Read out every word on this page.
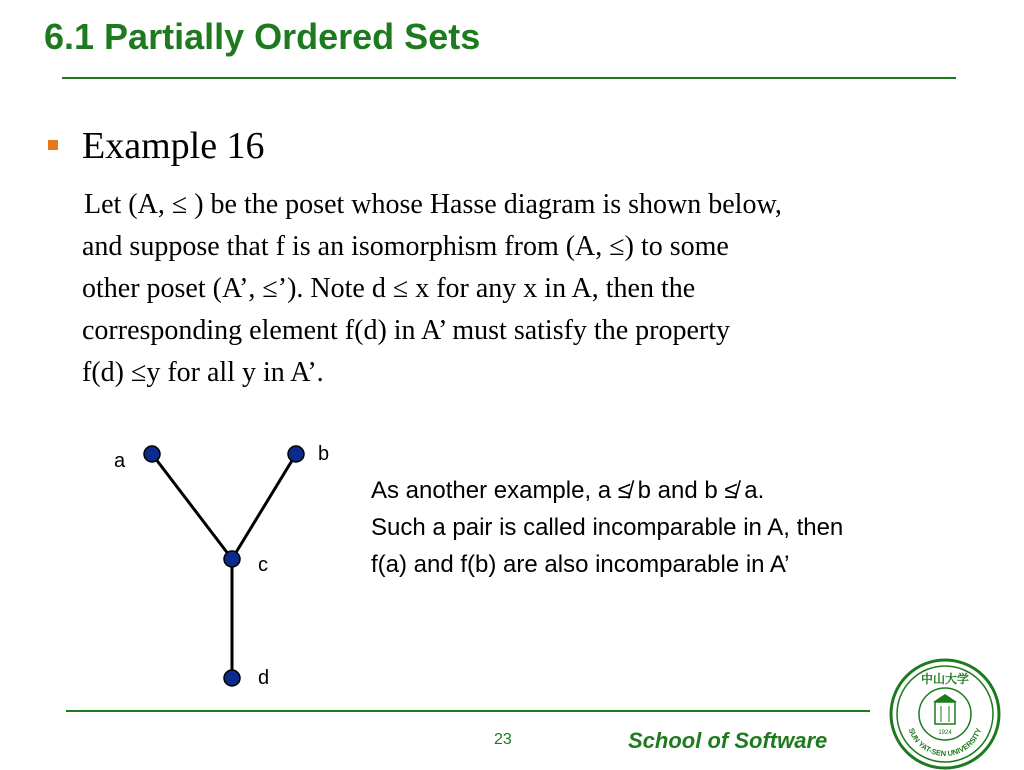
6.1 Partially Ordered Sets
Example 16
Let (A, ≤ ) be the poset whose Hasse diagram is shown below,
and suppose that f is an isomorphism from (A, ≤) to some
other poset (A’, ≤’). Note d ≤ x for any x in A, then the
corresponding element f(d) in A’ must satisfy the property
f(d) ≤y for all y in A’.
a	b
c
d
As another example, a ≰ b and b ≰ a.
Such a pair is called incomparable in A, then
f(a) and f(b) are also incomparable in A’
23	School of Software
中山大学
SUN YAT-SEN UNIVERSITY
1924
